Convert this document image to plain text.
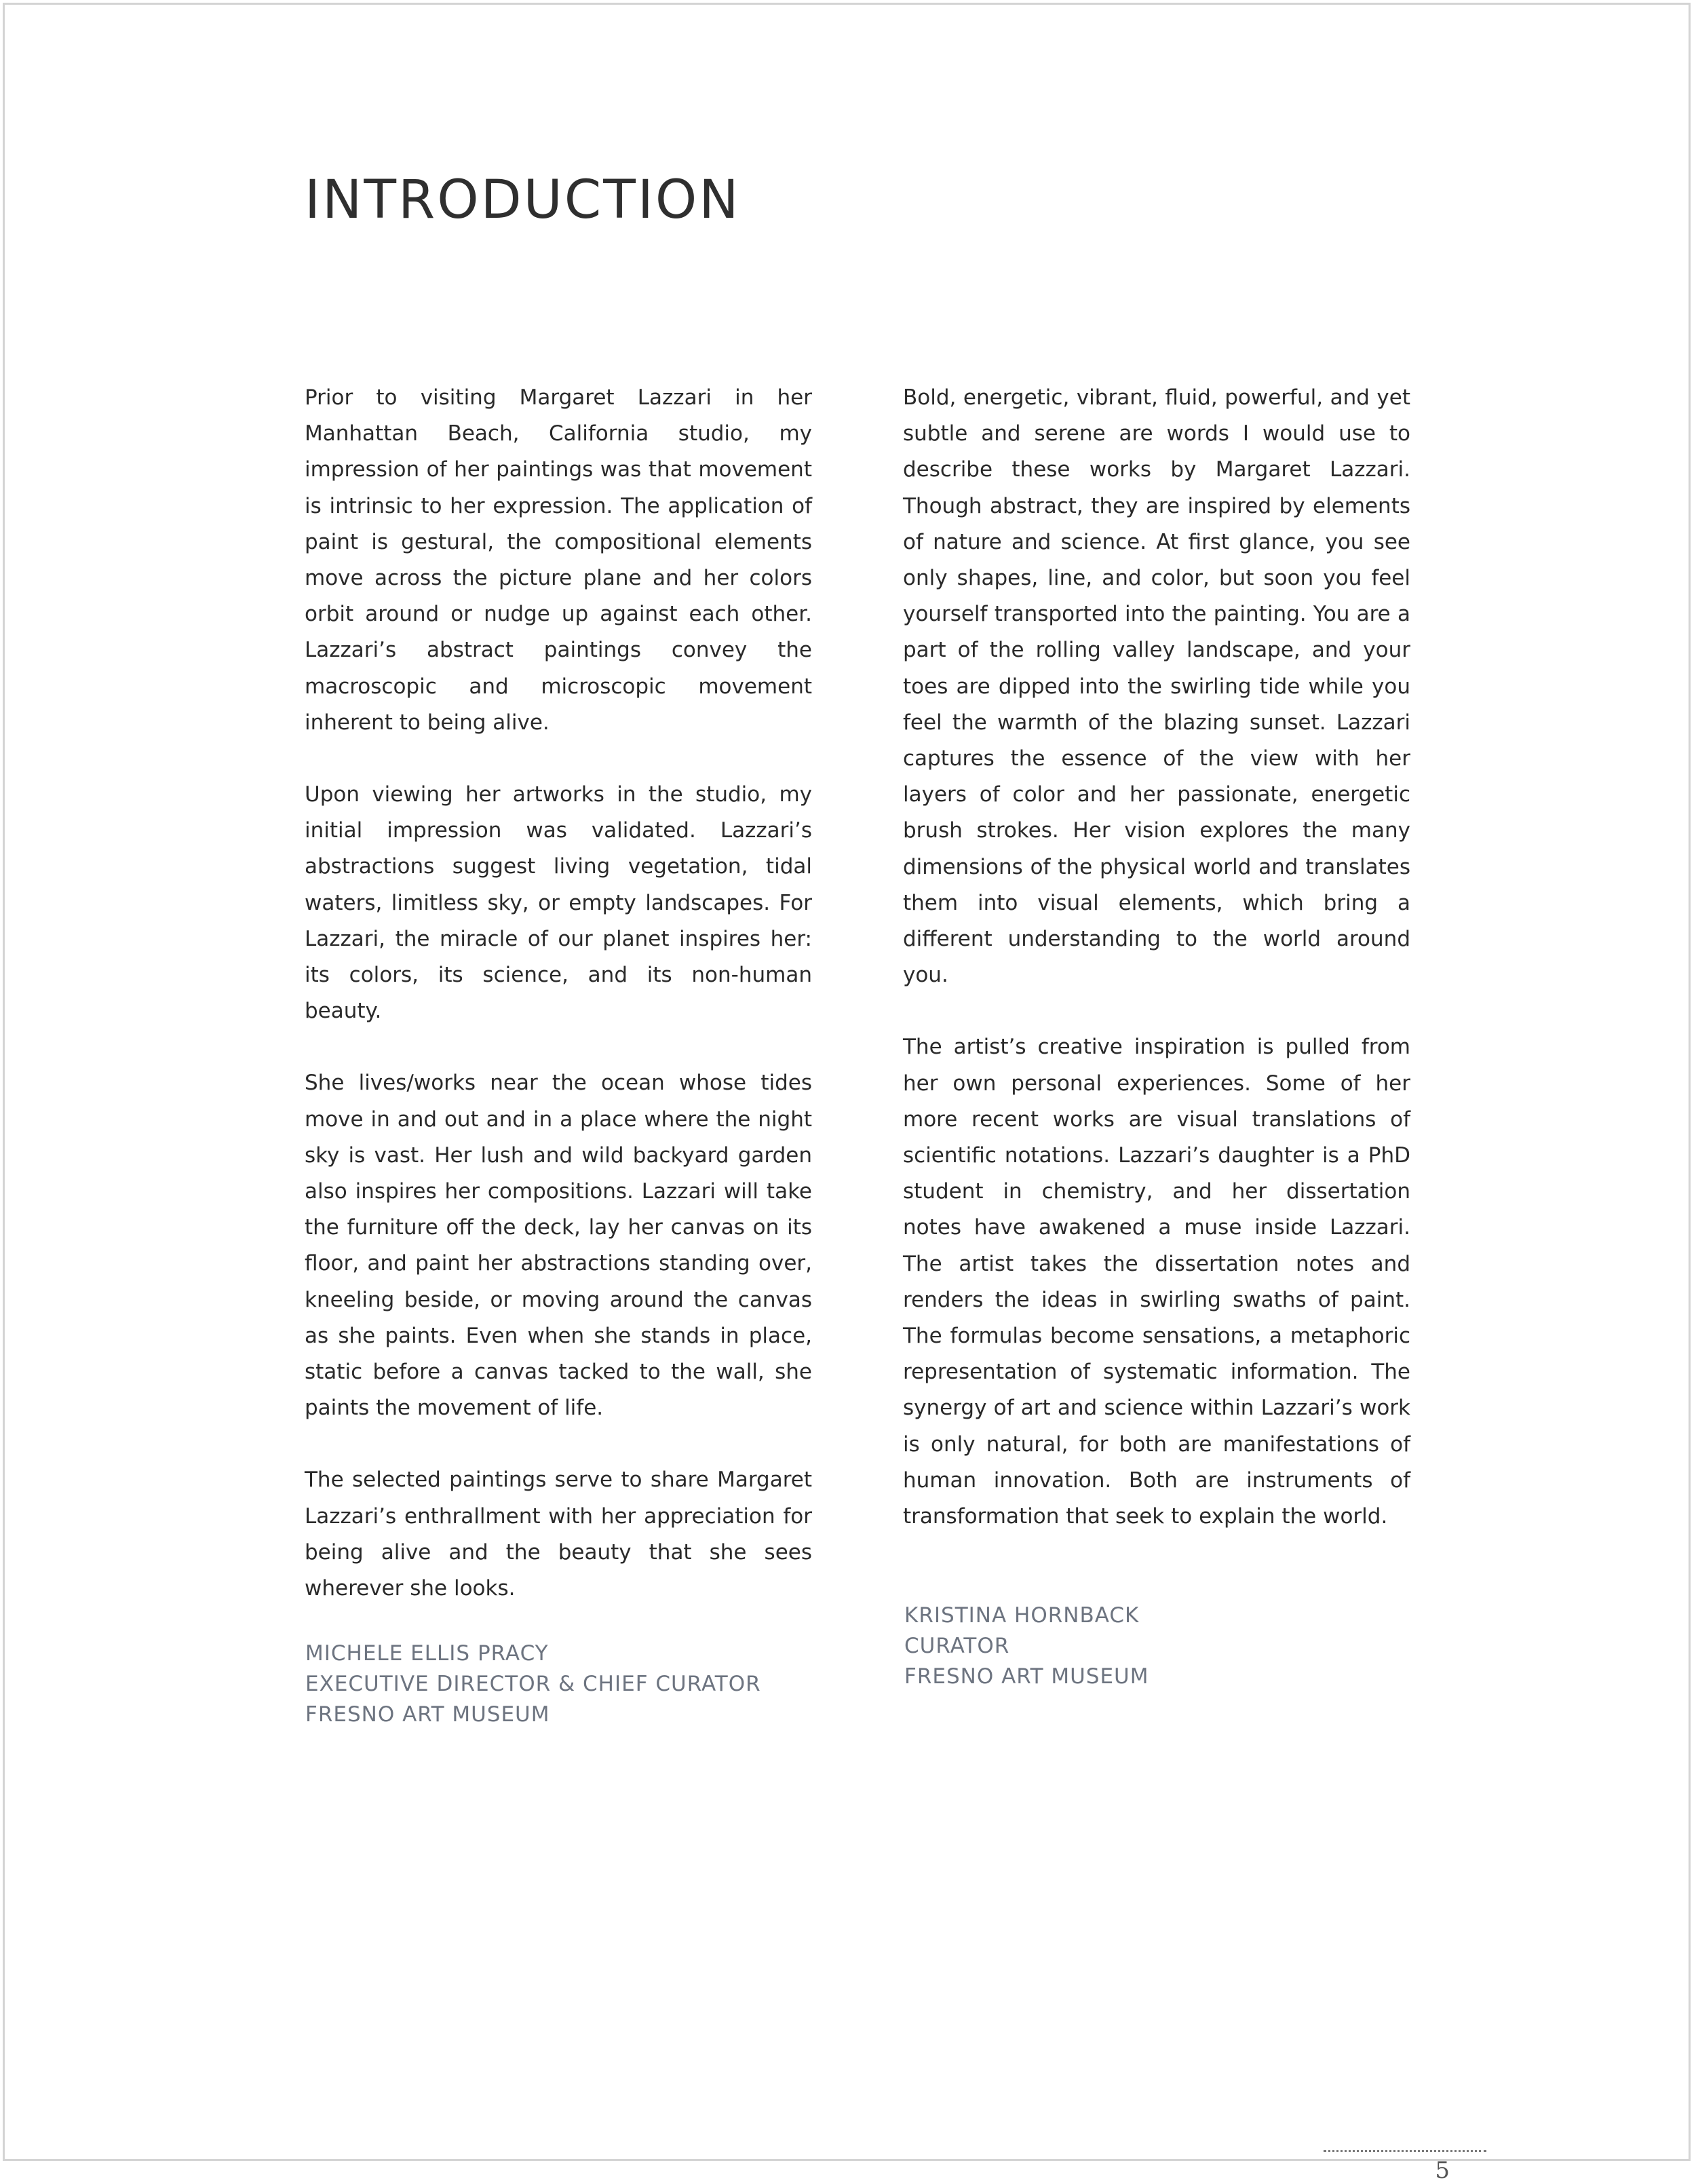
INTRODUCTION

Prior to visiting Margaret Lazzari in her Manhattan Beach, California studio, my impression of her paintings was that movement is intrinsic to her expression. The application of paint is gestural, the compositional elements move across the picture plane and her colors orbit around or nudge up against each other. Lazzari’s abstract paintings convey the macroscopic and microscopic movement inherent to being alive.

Upon viewing her artworks in the studio, my initial impression was validated. Lazzari’s abstractions suggest living vegetation, tidal waters, limitless sky, or empty landscapes. For Lazzari, the miracle of our planet inspires her: its colors, its science, and its non-human beauty.

She lives/works near the ocean whose tides move in and out and in a place where the night sky is vast. Her lush and wild backyard garden also inspires her compositions. Lazzari will take the furniture off the deck, lay her canvas on its floor, and paint her abstractions standing over, kneeling beside, or moving around the canvas as she paints. Even when she stands in place, static before a canvas tacked to the wall, she paints the movement of life.

The selected paintings serve to share Margaret Lazzari’s enthrallment with her appreciation for being alive and the beauty that she sees wherever she looks.

MICHELE ELLIS PRACY
EXECUTIVE DIRECTOR & CHIEF CURATOR
FRESNO ART MUSEUM

Bold, energetic, vibrant, fluid, powerful, and yet subtle and serene are words I would use to describe these works by Margaret Lazzari. Though abstract, they are inspired by elements of nature and science. At first glance, you see only shapes, line, and color, but soon you feel yourself transported into the painting. You are a part of the rolling valley landscape, and your toes are dipped into the swirling tide while you feel the warmth of the blazing sunset. Lazzari captures the essence of the view with her layers of color and her passionate, energetic brush strokes. Her vision explores the many dimensions of the physical world and translates them into visual elements, which bring a different understanding to the world around you.

The artist’s creative inspiration is pulled from her own personal experiences. Some of her more recent works are visual translations of scientific notations. Lazzari’s daughter is a PhD student in chemistry, and her dissertation notes have awakened a muse inside Lazzari. The artist takes the dissertation notes and renders the ideas in swirling swaths of paint. The formulas become sensations, a metaphoric representation of systematic information. The synergy of art and science within Lazzari’s work is only natural, for both are manifestations of human innovation. Both are instruments of transformation that seek to explain the world.

KRISTINA HORNBACK
CURATOR
FRESNO ART MUSEUM
5
